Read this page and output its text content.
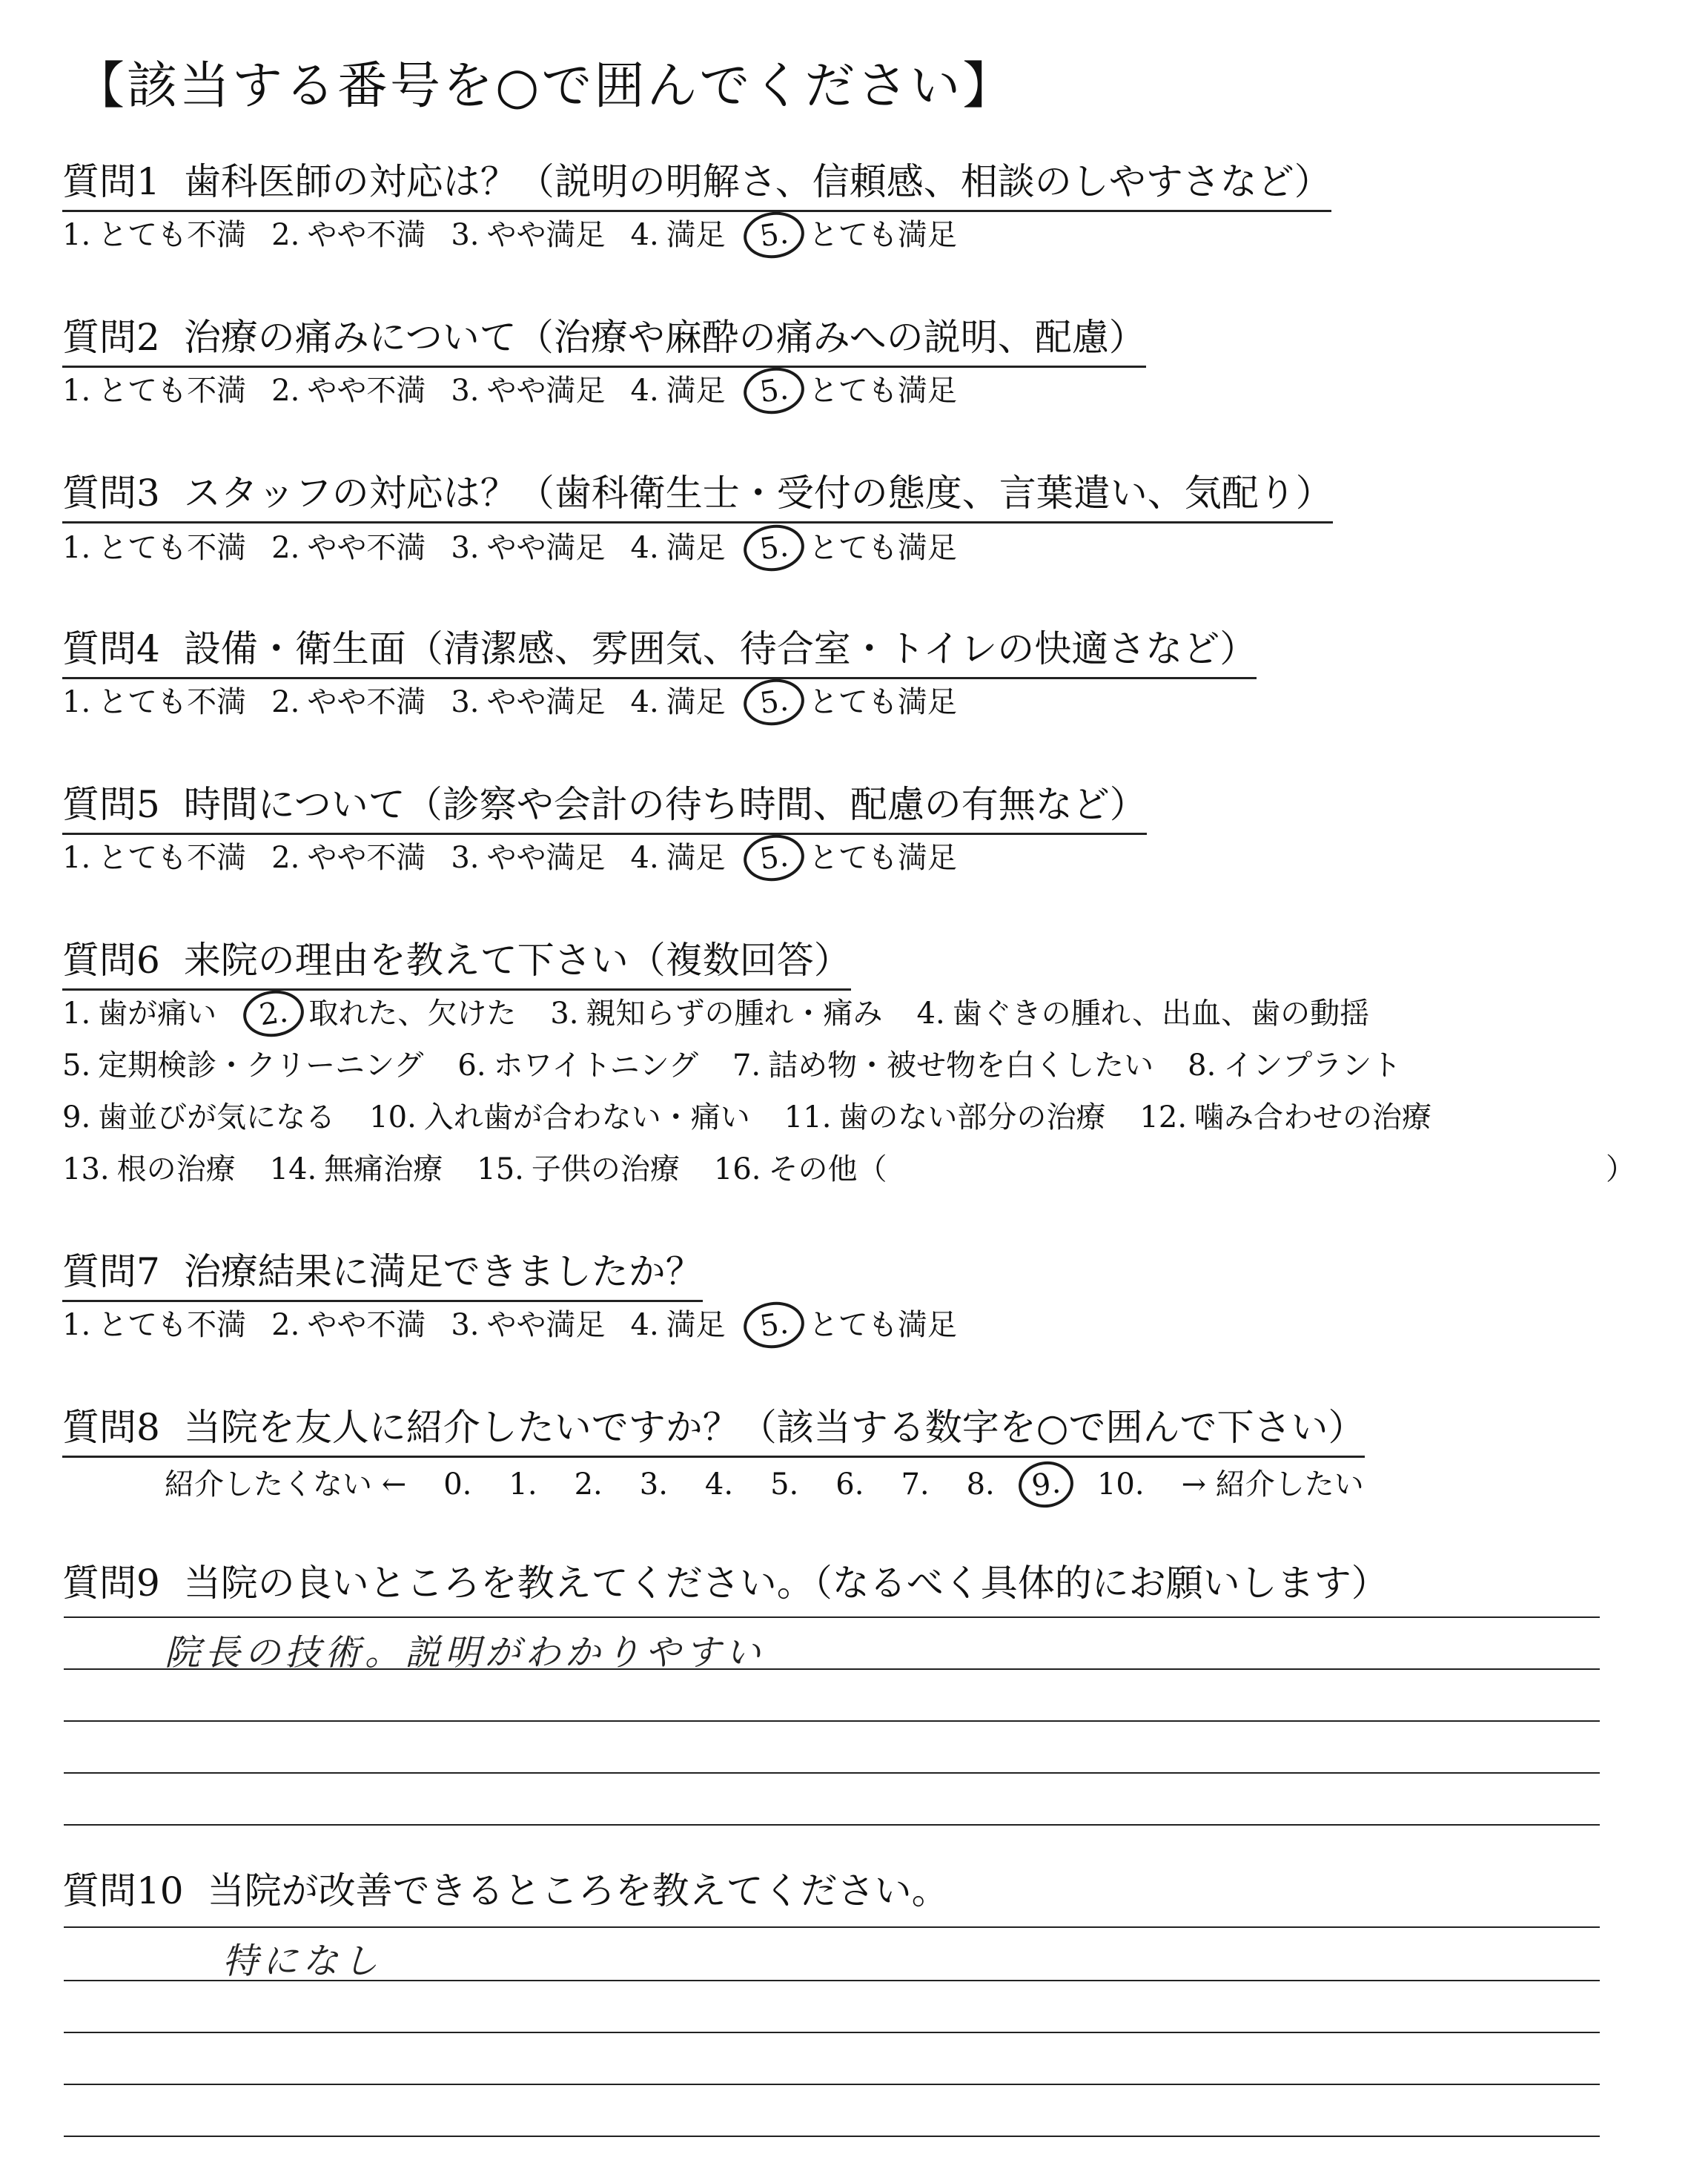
【該当する番号を○で囲んでください】
質問1 歯科医師の対応は？（説明の明解さ、信頼感、相談のしやすさなど）
1. とても不満 2. やや不満 3. やや満足 4. 満足 5. とても満足
質問2 治療の痛みについて（治療や麻酔の痛みへの説明、配慮）
1. とても不満 2. やや不満 3. やや満足 4. 満足 5. とても満足
質問3 スタッフの対応は？（歯科衛生士・受付の態度、言葉遣い、気配り）
1. とても不満 2. やや不満 3. やや満足 4. 満足 5. とても満足
質問4 設備・衛生面（清潔感、雰囲気、待合室・トイレの快適さなど）
1. とても不満 2. やや不満 3. やや満足 4. 満足 5. とても満足
質問5 時間について（診察や会計の待ち時間、配慮の有無など）
1. とても不満 2. やや不満 3. やや満足 4. 満足 5. とても満足
質問6 来院の理由を教えて下さい（複数回答）
1. 歯が痛い 2. 取れた、欠けた 3. 親知らずの腫れ・痛み 4. 歯ぐきの腫れ、出血、歯の動揺
5. 定期検診・クリーニング 6. ホワイトニング 7. 詰め物・被せ物を白くしたい 8. インプラント
9. 歯並びが気になる 10. 入れ歯が合わない・痛い 11. 歯のない部分の治療 12. 噛み合わせの治療
13. 根の治療 14. 無痛治療 15. 子供の治療 16. その他（	）
質問7 治療結果に満足できましたか？
1. とても不満 2. やや不満 3. やや満足 4. 満足 5. とても満足
質問8 当院を友人に紹介したいですか？（該当する数字を○で囲んで下さい）
紹介したくない ← 0. 1. 2. 3. 4. 5. 6. 7. 8. 9. 10. → 紹介したい
質問9 当院の良いところを教えてください。（なるべく具体的にお願いします）
院長の技術。説明がわかりやすい
質問10 当院が改善できるところを教えてください。
特になし
